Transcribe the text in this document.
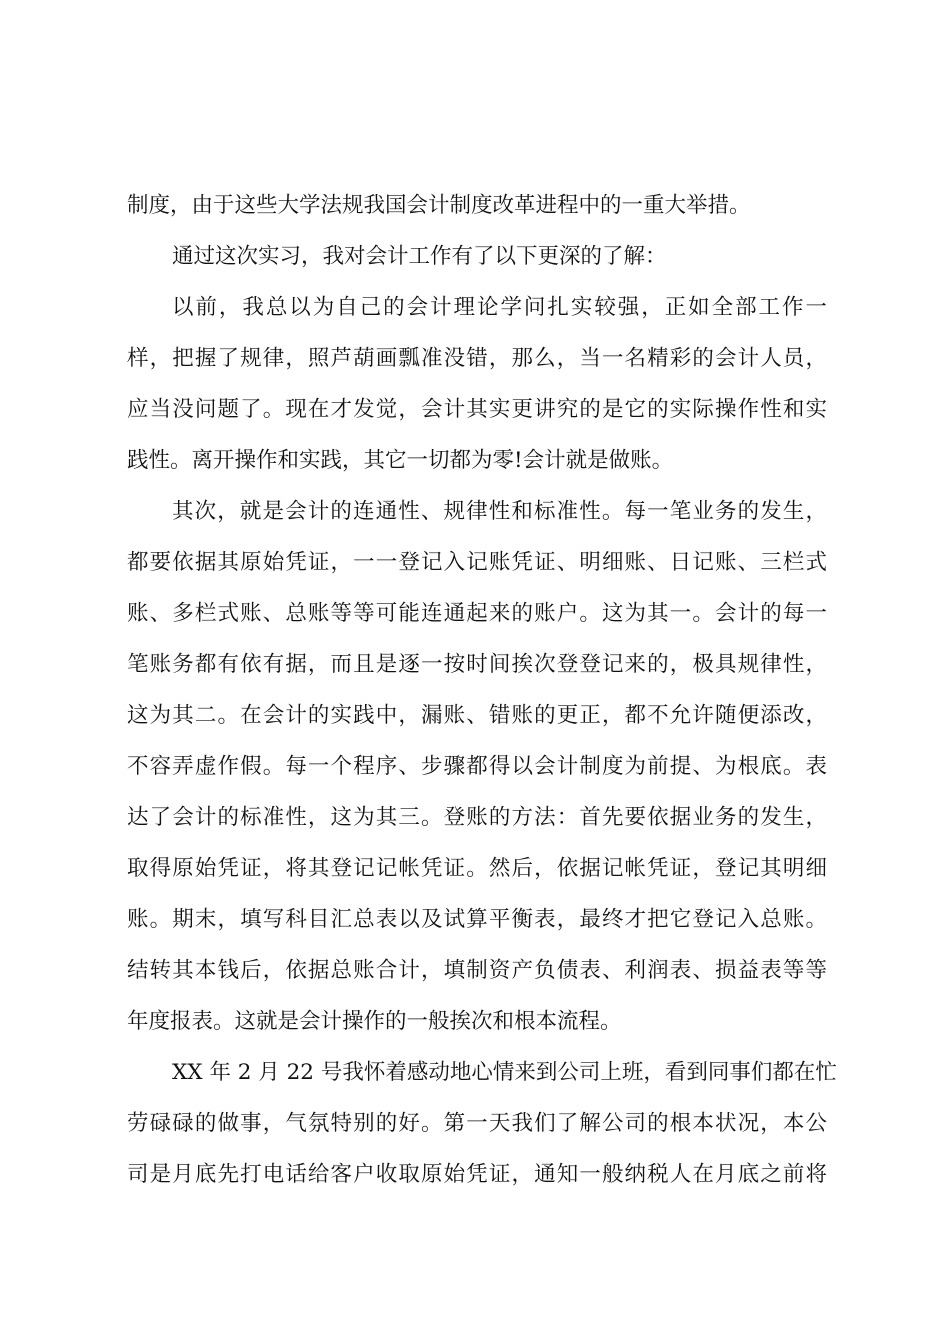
制度，由于这些大学法规我国会计制度改革进程中的一重大举措。
通过这次实习，我对会计工作有了以下更深的了解：
以前，我总以为自己的会计理论学问扎实较强，正如全部工作一
样，把握了规律，照芦葫画瓢准没错，那么，当一名精彩的会计人员，
应当没问题了。现在才发觉，会计其实更讲究的是它的实际操作性和实
践性。离开操作和实践，其它一切都为零!会计就是做账。
其次，就是会计的连通性、规律性和标准性。每一笔业务的发生，
都要依据其原始凭证，一一登记入记账凭证、明细账、日记账、三栏式
账、多栏式账、总账等等可能连通起来的账户。这为其一。会计的每一
笔账务都有依有据，而且是逐一按时间挨次登登记来的，极具规律性，
这为其二。在会计的实践中，漏账、错账的更正，都不允许随便添改，
不容弄虚作假。每一个程序、步骤都得以会计制度为前提、为根底。表
达了会计的标准性，这为其三。登账的方法：首先要依据业务的发生，
取得原始凭证，将其登记记帐凭证。然后，依据记帐凭证，登记其明细
账。期末，填写科目汇总表以及试算平衡表，最终才把它登记入总账。
结转其本钱后，依据总账合计，填制资产负债表、利润表、损益表等等
年度报表。这就是会计操作的一般挨次和根本流程。
XX 年 2 月 22 号我怀着感动地心情来到公司上班，看到同事们都在忙
劳碌碌的做事，气氛特别的好。第一天我们了解公司的根本状况，本公
司是月底先打电话给客户收取原始凭证，通知一般纳税人在月底之前将
